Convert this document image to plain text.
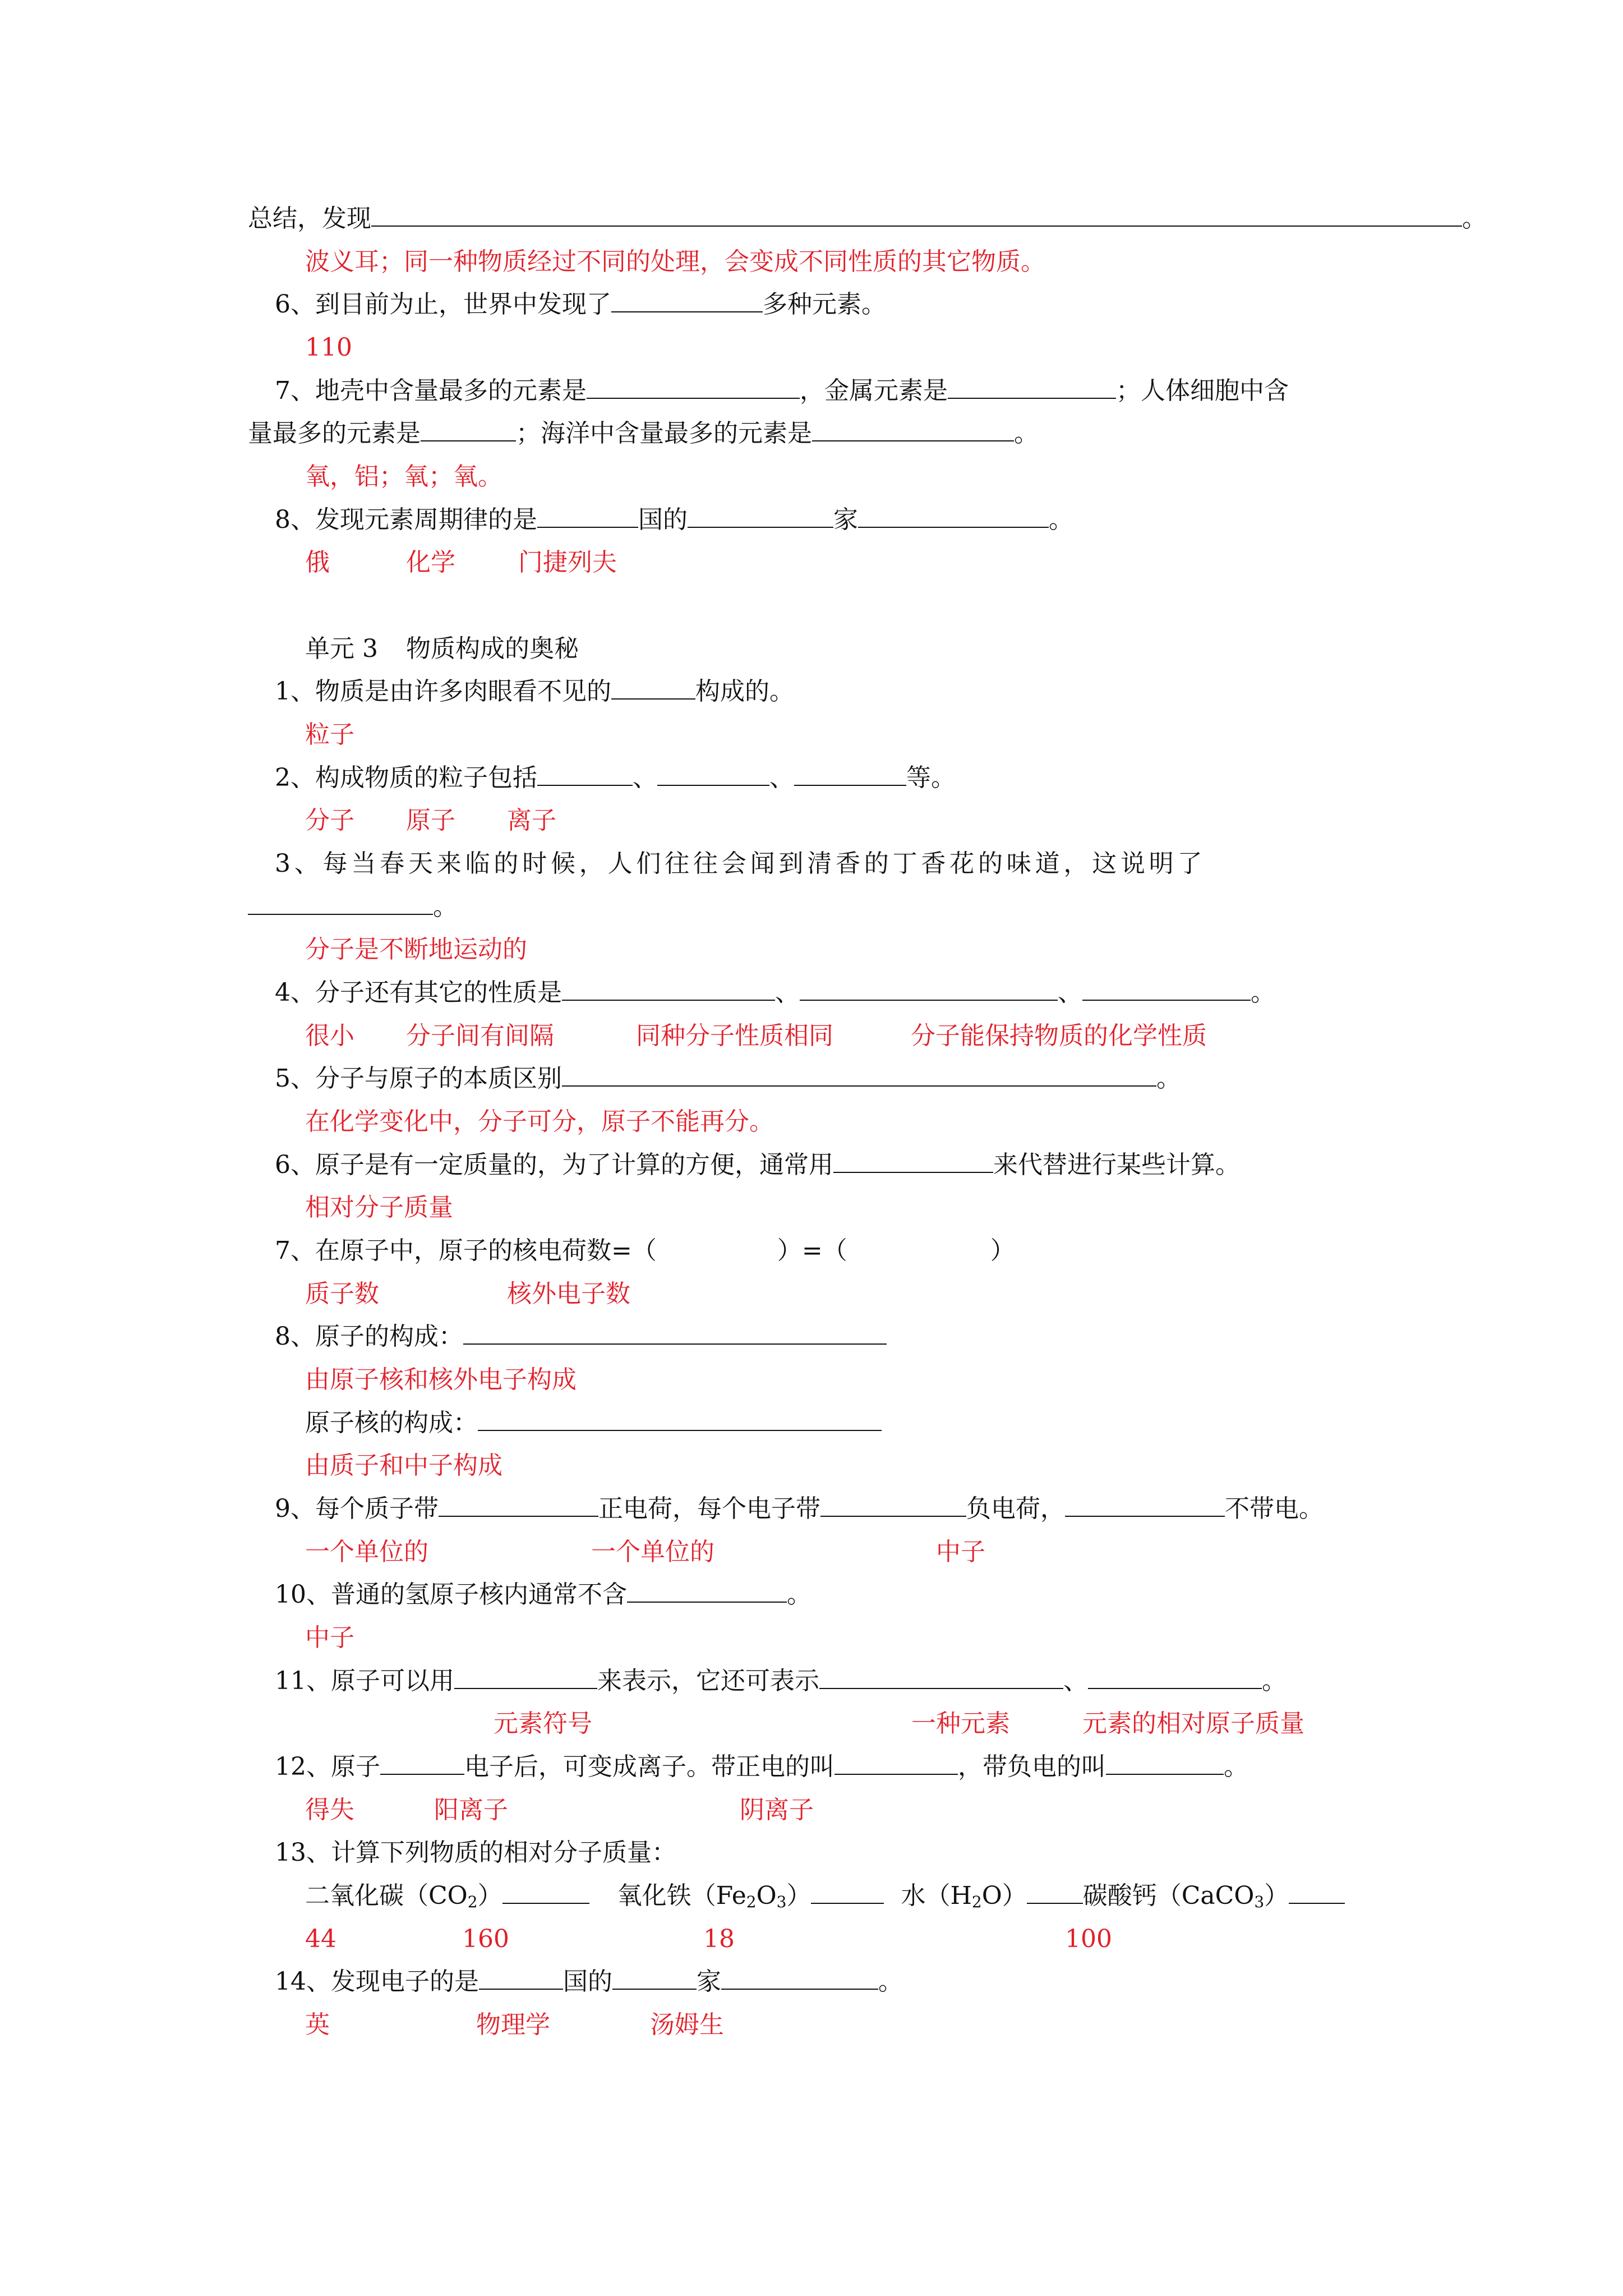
总结，发现	。
波义耳；同一种物质经过不同的处理，会变成不同性质的其它物质。
6、到目前为止，世界中发现了	多种元素。
110
7、地壳中含量最多的元素是	，金属元素是	；人体细胞中含
量最多的元素是	；海洋中含量最多的元素是	。
氧，铝；氧；氧。
8、发现元素周期律的是	国的	家	。
俄	化学	门捷列夫
单元 3 物质构成的奥秘
1、物质是由许多肉眼看不见的	构成的。
粒子
2、构成物质的粒子包括	、	、	等。
分子 原子 离子
3、每当春天来临的时候，人们往往会闻到清香的丁香花的味道，这说明了
。
分子是不断地运动的
4、分子还有其它的性质是	、	、	。
很小 分子间有间隔	同种分子性质相同	分子能保持物质的化学性质
5、分子与原子的本质区别	。
在化学变化中，分子可分，原子不能再分。
6、原子是有一定质量的，为了计算的方便，通常用	来代替进行某些计算。
相对分子质量
7、在原子中，原子的核电荷数=（	）=（	）
质子数	核外电子数
8、原子的构成：
由原子核和核外电子构成
原子核的构成：
由质子和中子构成
9、每个质子带	正电荷，每个电子带	负电荷，	不带电。
一个单位的	一个单位的	中子
10、普通的氢原子核内通常不含	。
中子
11、原子可以用	来表示，它还可表示	、	。
元素符号	一种元素	元素的相对原子质量
12、原子	电子后，可变成离子。带正电的叫	，带负电的叫	。
得失	阳离子	阴离子
13、计算下列物质的相对分子质量：
二氧化碳$(CO_2)$	氧化铁$(Fe_2O_3)$	水$(H_2O)$ 碳酸钙（CaCO$_3$）
44	160	18	100
14、发现电子的是	国的	家	。
英	物理学	汤姆生
